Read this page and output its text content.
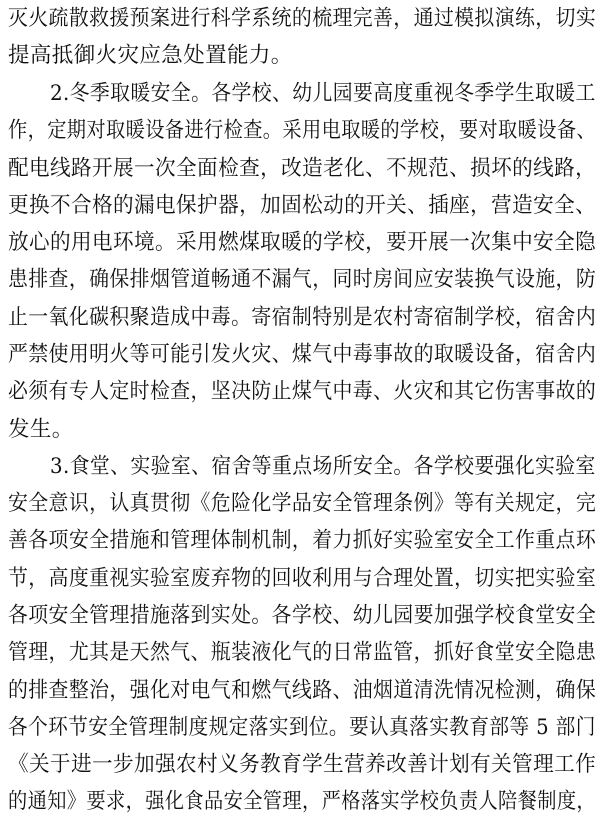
灭火疏散救援预案进行科学系统的梳理完善，通过模拟演练，切实
提高抵御火灾应急处置能力。
2.冬季取暖安全。各学校、幼儿园要高度重视冬季学生取暖工
作，定期对取暖设备进行检查。采用电取暖的学校，要对取暖设备、
配电线路开展一次全面检查，改造老化、不规范、损坏的线路，
更换不合格的漏电保护器，加固松动的开关、插座，营造安全、
放心的用电环境。采用燃煤取暖的学校，要开展一次集中安全隐
患排查，确保排烟管道畅通不漏气，同时房间应安装换气设施，防
止一氧化碳积聚造成中毒。寄宿制特别是农村寄宿制学校，宿舍内
严禁使用明火等可能引发火灾、煤气中毒事故的取暖设备，宿舍内
必须有专人定时检查，坚决防止煤气中毒、火灾和其它伤害事故的
发生。
3.食堂、实验室、宿舍等重点场所安全。各学校要强化实验室
安全意识，认真贯彻《危险化学品安全管理条例》等有关规定，完
善各项安全措施和管理体制机制，着力抓好实验室安全工作重点环
节，高度重视实验室废弃物的回收利用与合理处置，切实把实验室
各项安全管理措施落到实处。各学校、幼儿园要加强学校食堂安全
管理，尤其是天然气、瓶装液化气的日常监管，抓好食堂安全隐患
的排查整治，强化对电气和燃气线路、油烟道清洗情况检测，确保
各个环节安全管理制度规定落实到位。要认真落实教育部等 5 部门
《关于进一步加强农村义务教育学生营养改善计划有关管理工作
的通知》要求，强化食品安全管理，严格落实学校负责人陪餐制度，
